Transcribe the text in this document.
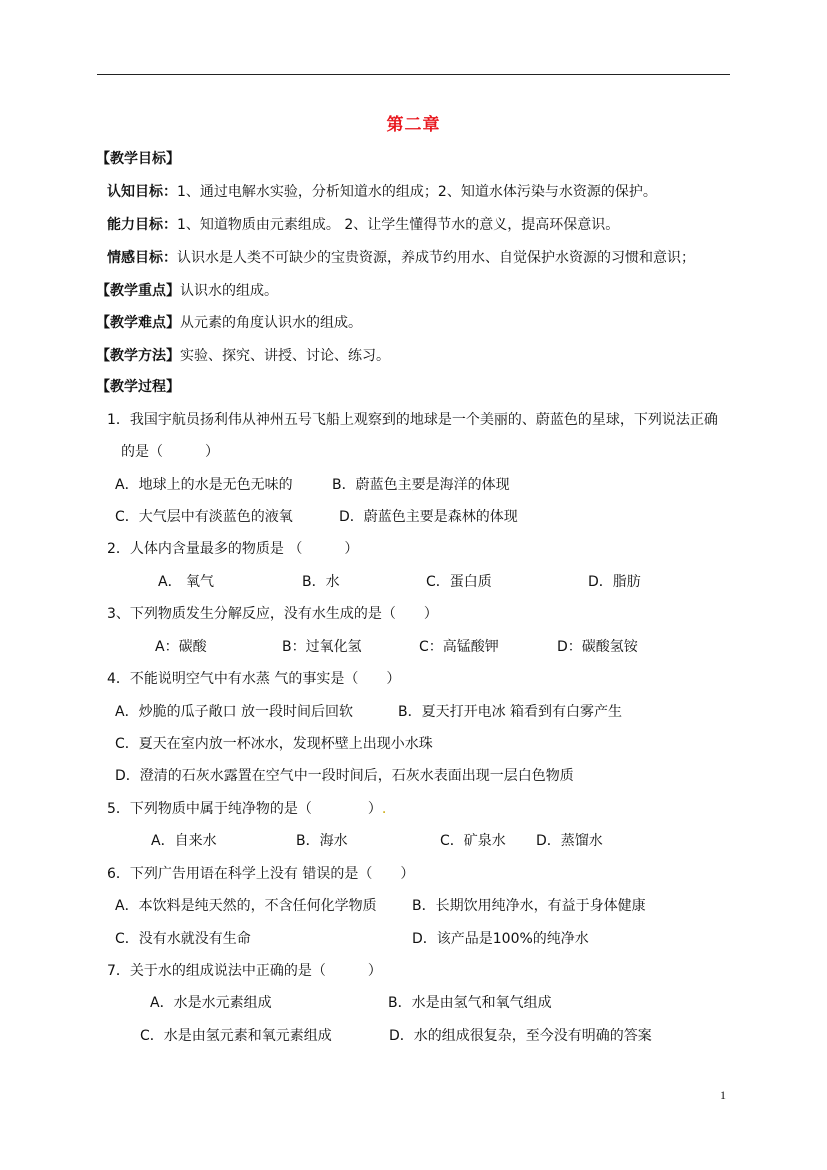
第二章
【教学目标】
认知目标：1、通过电解水实验，分析知道水的组成；2、知道水体污染与水资源的保护。
能力目标：1、知道物质由元素组成。 2、让学生懂得节水的意义，提高环保意识。
情感目标：认识水是人类不可缺少的宝贵资源，养成节约用水、自觉保护水资源的习惯和意识；
【教学重点】认识水的组成。
【教学难点】从元素的角度认识水的组成。
【教学方法】实验、探究、讲授、讨论、练习。
【教学过程】
1．我国宇航员扬利伟从神州五号飞船上观察到的地球是一个美丽的、蔚蓝色的星球，下列说法正确
的是（　　　）
A．地球上的水是无色无味的	B．蔚蓝色主要是海洋的体现
C．大气层中有淡蓝色的液氧	D．蔚蓝色主要是森林的体现
2．人体内含量最多的物质是 （　　　）
A． 氧气	B．水	C．蛋白质	D．脂肪
3、下列物质发生分解反应，没有水生成的是（　　）
A：碳酸	B：过氧化氢	C：高锰酸钾	D：碳酸氢铵
4．不能说明空气中有水蒸 气的事实是（　　）
A．炒脆的瓜子敞口 放一段时间后回软	B．夏天打开电冰 箱看到有白雾产生
C．夏天在室内放一杯冰水，发现杯壁上出现小水珠
D．澄清的石灰水露置在空气中一段时间后，石灰水表面出现一层白色物质
5．下列物质中属于纯净物的是（　　　　）.
A．自来水	B．海水	C．矿泉水 D．蒸馏水
6．下列广告用语在科学上没有 错误的是（　　）
A．本饮料是纯天然的，不含任何化学物质	B．长期饮用纯净水，有益于身体健康
C．没有水就没有生命	D．该产品是100%的纯净水
7．关于水的组成说法中正确的是（　　　）
A．水是水元素组成	B．水是由氢气和氧气组成
C．水是由氢元素和氧元素组成	D．水的组成很复杂，至今没有明确的答案
1
